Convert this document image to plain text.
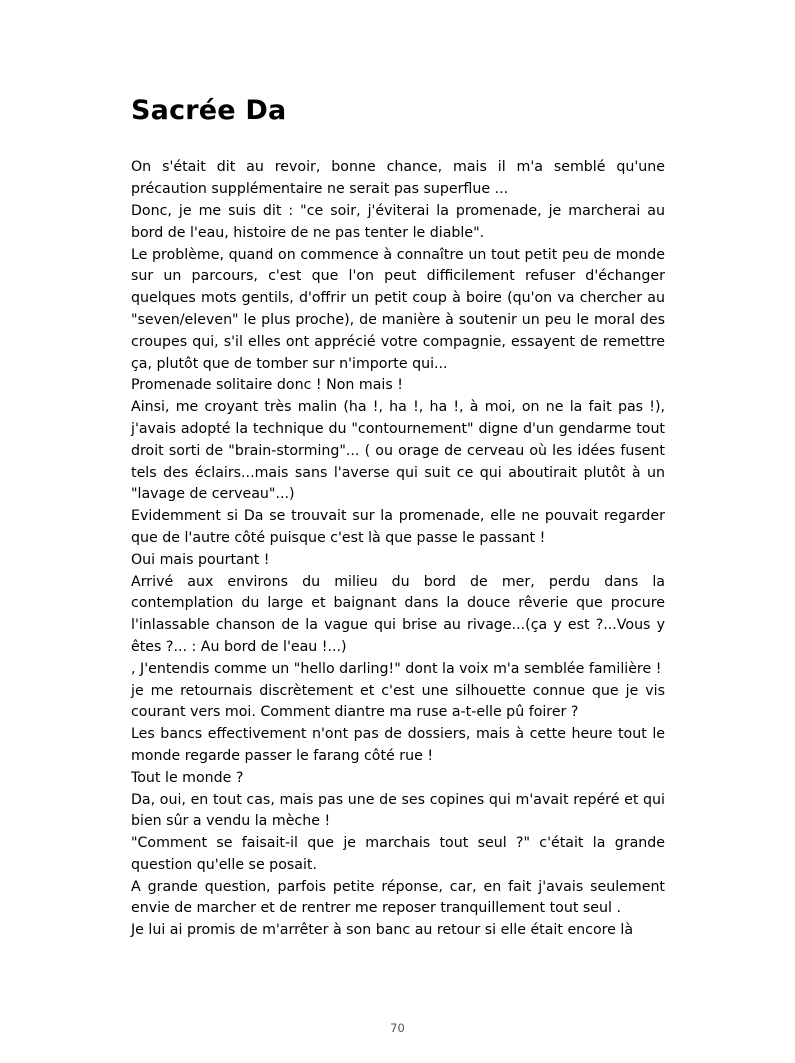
Sacrée Da

On s'était dit au revoir, bonne chance, mais il m'a semblé qu'une précaution supplémentaire ne serait pas superflue ...

Donc, je me suis dit : "ce soir, j'éviterai la promenade, je marcherai au bord de l'eau, histoire de ne pas tenter le diable".

Le problème, quand on commence à connaître un tout petit peu de monde sur un parcours, c'est que l'on peut difficilement refuser d'échanger quelques mots gentils, d'offrir un petit coup à boire (qu'on va chercher au "seven/eleven" le plus proche), de manière à soutenir un peu le moral des croupes qui, s'il elles ont apprécié votre compagnie, essayent de remettre ça, plutôt que de tomber sur n'importe qui...

Promenade solitaire donc ! Non mais !

Ainsi, me croyant très malin (ha !, ha !, ha !, à moi, on ne la fait pas !), j'avais adopté la technique du "contournement" digne d'un gendarme tout droit sorti de "brain-storming"... ( ou orage de cerveau où les idées fusent tels des éclairs...mais sans l'averse qui suit ce qui aboutirait plutôt à un "lavage de cerveau"...)

Evidemment si Da se trouvait sur la promenade, elle ne pouvait regarder que de l'autre côté puisque c'est là que passe le passant !

Oui mais pourtant !

Arrivé aux environs du milieu du bord de mer, perdu dans la contemplation du large et baignant dans la douce rêverie que procure l'inlassable chanson de la vague qui brise au rivage...(ça y est ?...Vous y êtes ?... : Au bord de l'eau !...)

, J'entendis comme un "hello darling!" dont la voix m'a semblée familière !

je me retournais discrètement et c'est une silhouette connue que je vis courant vers moi. Comment diantre ma ruse a-t-elle pû foirer ?

Les bancs effectivement n'ont pas de dossiers, mais à cette heure tout le monde regarde passer le farang côté rue !

Tout le monde ?

Da, oui, en tout cas, mais pas une de ses copines qui m'avait repéré et qui bien sûr a vendu la mèche !

"Comment se faisait-il que je marchais tout seul ?" c'était la grande question qu'elle se posait.

A grande question, parfois petite réponse, car, en fait j'avais seulement envie de marcher et de rentrer me reposer tranquillement tout seul .

Je lui ai promis de m'arrêter à son banc au retour si elle était encore là

70
